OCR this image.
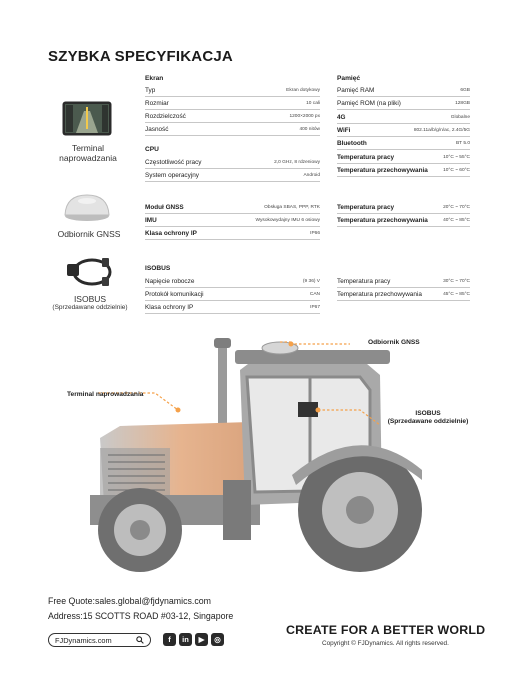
SZYBKA SPECYFIKACJA
Terminal
naprowadzania
Odbiornik GNSS
ISOBUS
(Sprzedawane oddzielnie)
Ekran
Typ	Ekran dotykowy
Rozmiar	10 cali
Rozdzielczość	1200×2000 px
Jasność	400 nitów
CPU
Częstotliwość pracy	2,0 GHz, 8 rdzeniowy
System operacyjny	Android
Pamięć
Pamięć RAM	6GB
Pamięć ROM (na pliki)	128GB
4G	Globalne
WiFi	802.11a/b/g/n/ac, 2.4G/5G
Bluetooth	BT 5.0
Temperatura pracy	10°C ~ 55°C
Temperatura przechowywania	10°C ~ 60°C
Moduł GNSS	Obsługa SBAS, PPP, RTK
IMU	Wysokowydajny IMU 6 osiowy
Klasa ochrony IP	IP66
Temperatura pracy	20°C ~ 70°C
Temperatura przechowywania	40°C ~ 85°C
ISOBUS
Napięcie robocze	(9 36) V
Protokół komunikacji	CAN
Klasa ochrony IP	IP67
Temperatura pracy	30°C ~ 70°C
Temperatura przechowywania	45°C ~ 85°C
Odbiornik GNSS
Terminal naprowadzania
ISOBUS
(Sprzedawane oddzielnie)
Free Quote:sales.global@fjdynamics.com
Address:15 SCOTTS ROAD #03-12, Singapore
FJDynamics.com	f	in	▶	◎
CREATE FOR A BETTER WORLD
Copyright © FJDynamics. All rights reserved.
